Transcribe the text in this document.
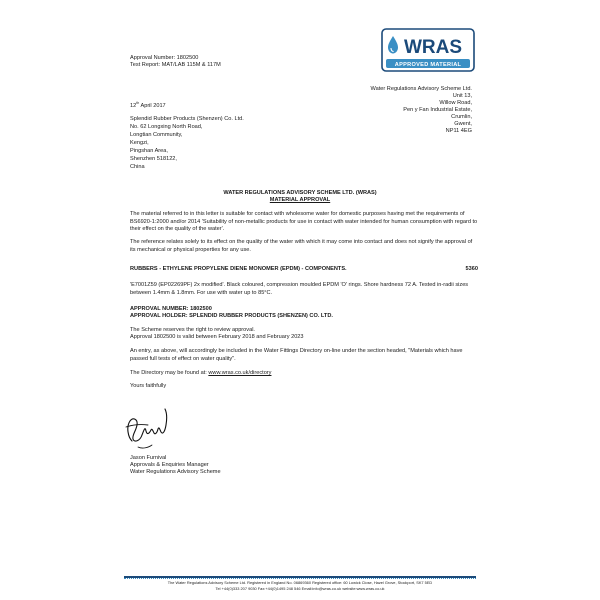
Approval Number: 1802500
Test Report: MAT/LAB 115M & 117M
WRAS
APPROVED MATERIAL
Water Regulations Advisory Scheme Ltd.
Unit 13,
Willow Road,
Pen y Fan Industrial Estate,
Crumlin,
Gwent,
NP11 4EG
12th April 2017
Splendid Rubber Products (Shenzen) Co. Ltd.
No. 62 Longxing North Road,
Longtian Community,
Kengzi,
Pingshan Area,
Shenzhen 518122,
China
WATER REGULATIONS ADVISORY SCHEME LTD. (WRAS)
MATERIAL APPROVAL
The material referred to in this letter is suitable for contact with wholesome water for domestic purposes having met the requirements of BS6920-1:2000 and/or 2014 'Suitability of non-metallic products for use in contact with water intended for human consumption with regard to their effect on the quality of the water'.
The reference relates solely to its effect on the quality of the water with which it may come into contact and does not signify the approval of its mechanical or physical properties for any use.
RUBBERS - ETHYLENE PROPYLENE DIENE MONOMER (EPDM) - COMPONENTS.	5360
'E7001Z59 (EP02269PF) 2x modified'. Black coloured, compression moulded EPDM 'O' rings. Shore hardness 72 A. Tested in-radii sizes between 1.4mm & 1.8mm. For use with water up to 85°C.
APPROVAL NUMBER: 1802500
APPROVAL HOLDER: SPLENDID RUBBER PRODUCTS (SHENZEN) CO. LTD.
The Scheme reserves the right to review approval.
Approval 1802500 is valid between February 2018 and February 2023
An entry, as above, will accordingly be included in the Water Fittings Directory on-line under the section headed, "Materials which have passed full tests of effect on water quality".
The Directory may be found at: www.wras.co.uk/directory
Yours faithfully
Jason Furnival
Approvals & Enquiries Manager
Water Regulations Advisory Scheme
The Water Regulations Advisory Scheme Ltd. Registered in England No. 06869360 Registered office: 60 Lowick Close, Hazel Grove, Stockport, SK7 5ED
Tel +44(0)333 207 9030 Fax:+44(0)1495 248 546 Email:info@wras.co.uk website:www.wras.co.uk
